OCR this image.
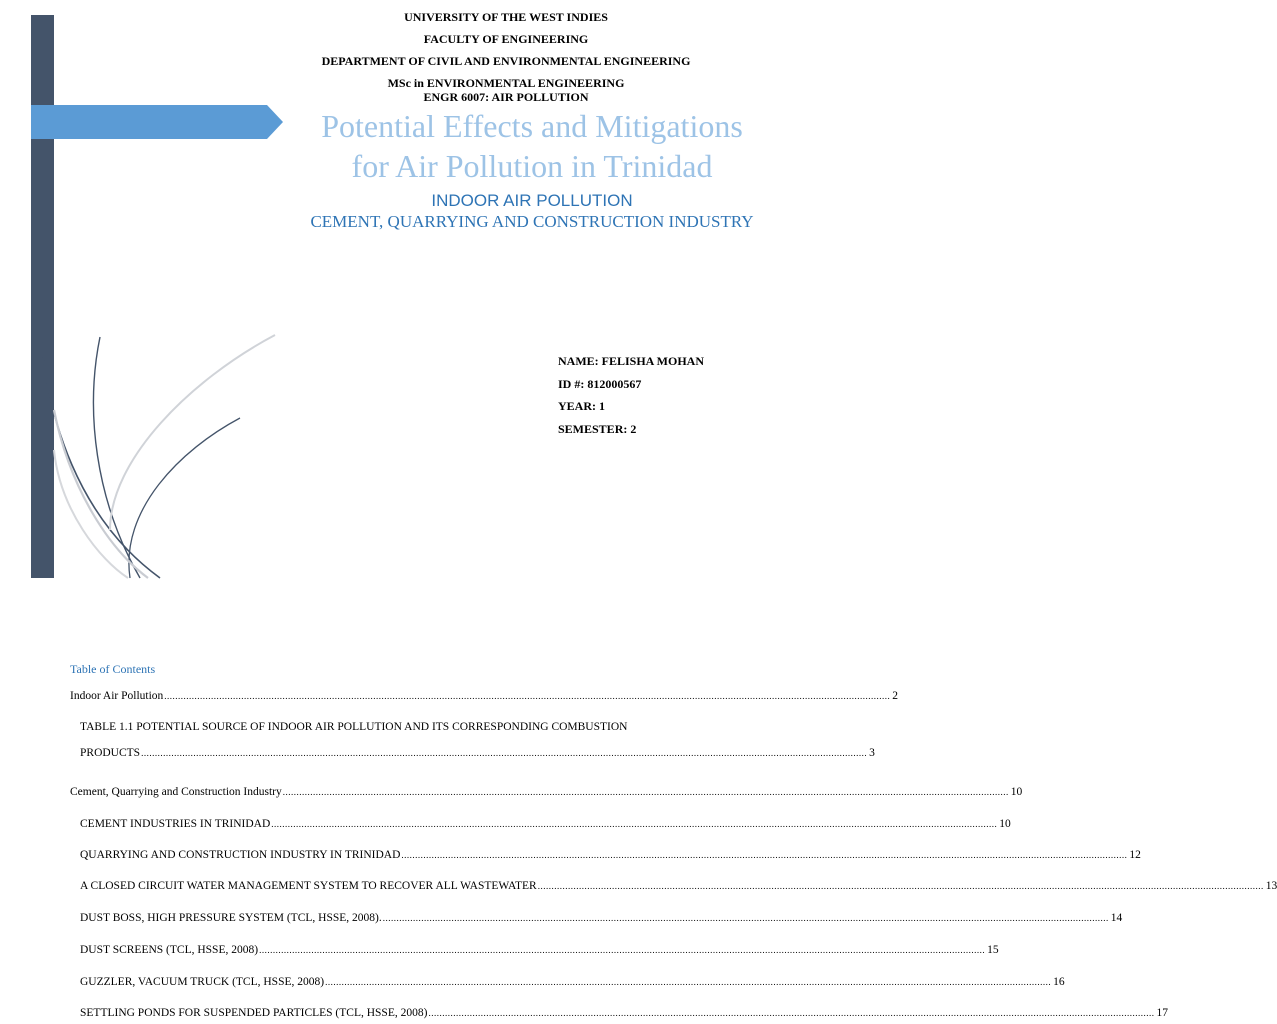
UNIVERSITY OF THE WEST INDIES
FACULTY OF ENGINEERING
DEPARTMENT OF CIVIL AND ENVIRONMENTAL ENGINEERING
MSc in ENVIRONMENTAL ENGINEERING
ENGR 6007: AIR POLLUTION
Potential Effects and Mitigations
for Air Pollution in Trinidad
INDOOR AIR POLLUTION
CEMENT, QUARRYING AND CONSTRUCTION INDUSTRY
NAME: FELISHA MOHAN
ID #: 812000567
YEAR: 1
SEMESTER: 2
Table of Contents
Indoor Air Pollution ........................................................................................................................................................................................................................................................................ 2
TABLE 1.1 POTENTIAL SOURCE OF INDOOR AIR POLLUTION AND ITS CORRESPONDING COMBUSTION
PRODUCTS ........................................................................................................................................................................................................................................................................ 3
Cement, Quarrying and Construction Industry ........................................................................................................................................................................................................................................................................ 10
CEMENT INDUSTRIES IN TRINIDAD ........................................................................................................................................................................................................................................................................ 10
QUARRYING AND CONSTRUCTION INDUSTRY IN TRINIDAD ........................................................................................................................................................................................................................................................................ 12
A CLOSED CIRCUIT WATER MANAGEMENT SYSTEM TO RECOVER ALL WASTEWATER ........................................................................................................................................................................................................................................................................ 13
DUST BOSS, HIGH PRESSURE SYSTEM (TCL, HSSE, 2008). ........................................................................................................................................................................................................................................................................ 14
DUST SCREENS (TCL, HSSE, 2008) ........................................................................................................................................................................................................................................................................ 15
GUZZLER, VACUUM TRUCK (TCL, HSSE, 2008) ........................................................................................................................................................................................................................................................................ 16
SETTLING PONDS FOR SUSPENDED PARTICLES (TCL, HSSE, 2008) ........................................................................................................................................................................................................................................................................ 17
